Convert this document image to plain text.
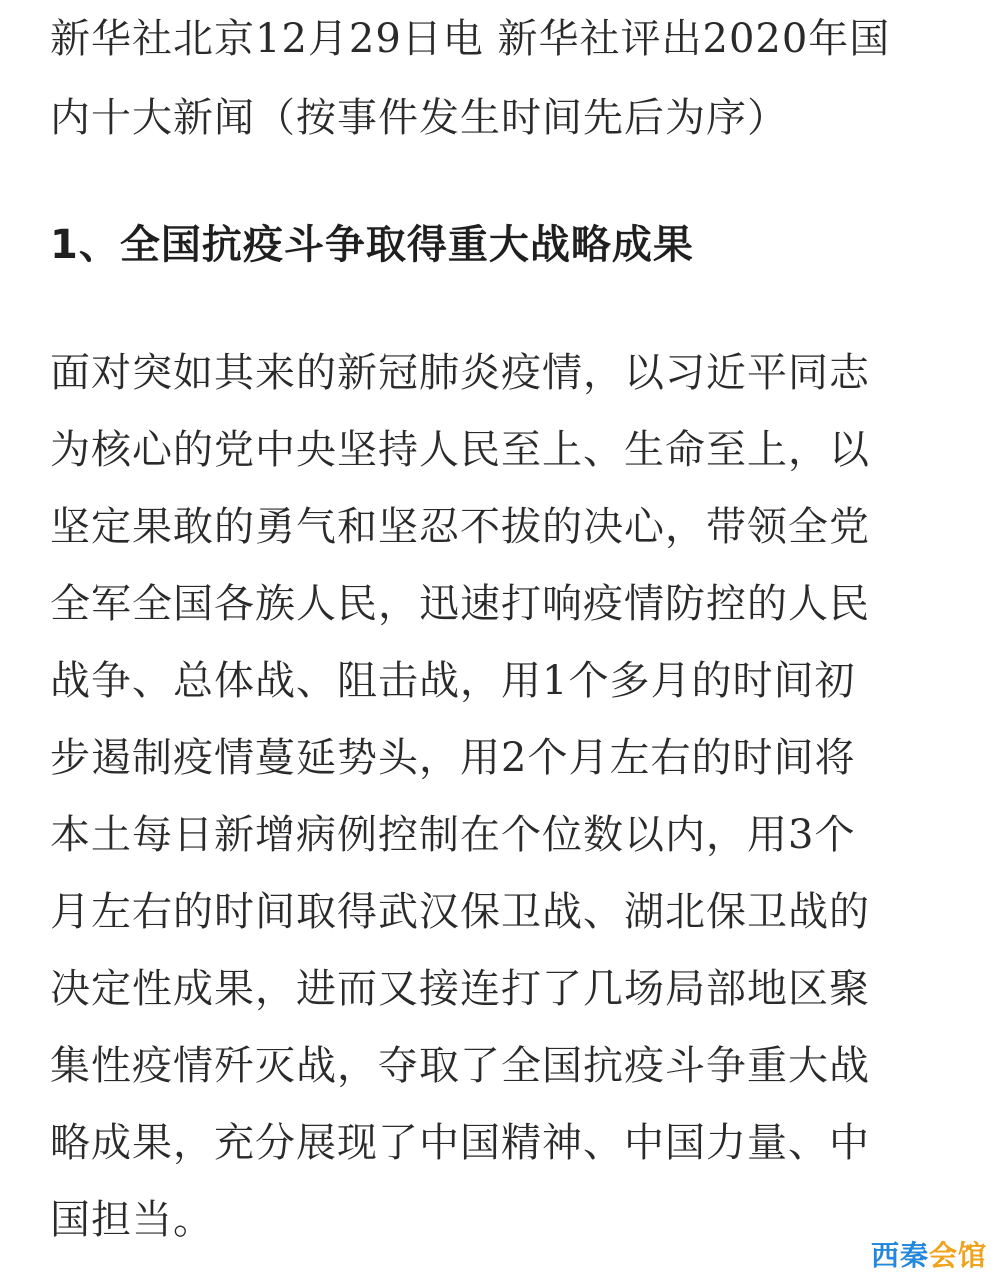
新华社北京12月29日电 新华社评出2020年国
内十大新闻（按事件发生时间先后为序）
1、全国抗疫斗争取得重大战略成果
面对突如其来的新冠肺炎疫情，以习近平同志
为核心的党中央坚持人民至上、生命至上，以
坚定果敢的勇气和坚忍不拔的决心，带领全党
全军全国各族人民，迅速打响疫情防控的人民
战争、总体战、阻击战，用1个多月的时间初
步遏制疫情蔓延势头，用2个月左右的时间将
本土每日新增病例控制在个位数以内，用3个
月左右的时间取得武汉保卫战、湖北保卫战的
决定性成果，进而又接连打了几场局部地区聚
集性疫情歼灭战，夺取了全国抗疫斗争重大战
略成果，充分展现了中国精神、中国力量、中
国担当。
西秦会馆
